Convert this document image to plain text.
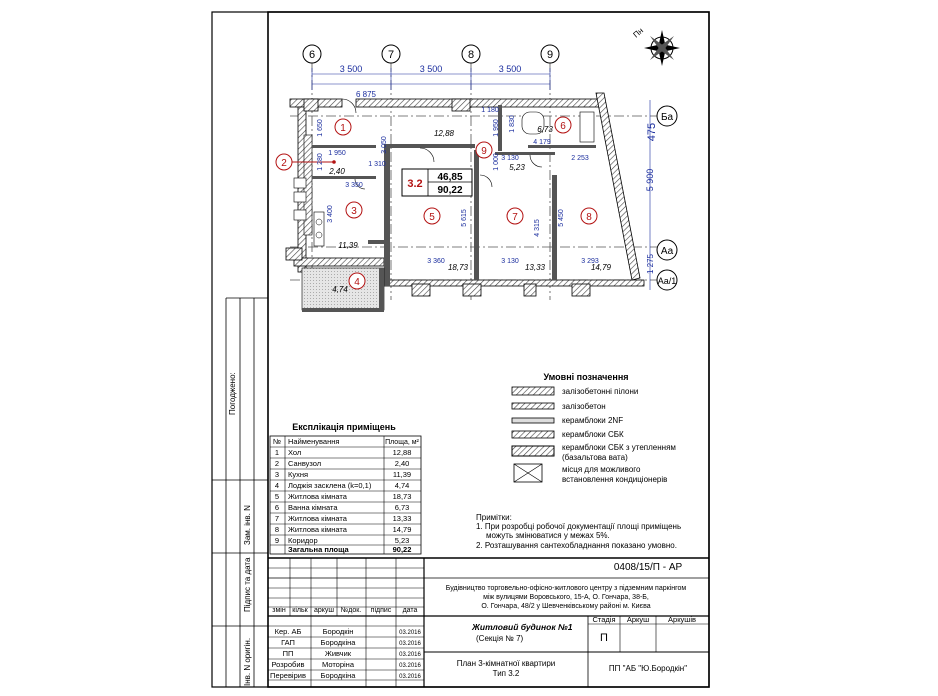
Погоджено:
Зам. інв. N
Підпис та дата
Інв. N оригін.
6	7	8	9
Ба
Аа
Аа/1
Пн
3 500	3 500	3 500
6 875
475
5 900
1 275
1 650
1 950	3 050
1 310
1 280
3 350
3 400
1 180
1 950 1 830
4 179
1 000 3 130	2 253
5 615
4 315
5 450
3 360	3 130	3 293
12,88
2,40
11,39
4,74
18,73
6,73
13,33	14,79
5,23
1
2
3
4
5
6
7	8
9
3.2
46,85
90,22
Експлікація приміщень
№ Найменування	Площа, м²
1 Хол	12,88
2 Санвузол	2,40
3 Кухня	11,39
4 Лоджія засклена (k=0,1)	4,74
5 Житлова кімната	18,73
6 Ванна кімната	6,73
7 Житлова кімната	13,33
8 Житлова кімната	14,79
9 Коридор	5,23
Загальна площа	90,22
Умовні позначення
залізобетонні пілони
залізобетон
керамблоки 2NF
керамблоки СБК
керамблоки СБК з утепленням
(базальтова вата)
місця для можливого
встановлення кондиціонерів
Примітки:
1. При розробці робочої документації площі приміщень
можуть змінюватися у межах 5%.
2. Розташування сантехобладнання показано умовно.
0408/15/П - АР
Будівництво торговельно-офісно-житлового центру з підземним паркінгом
між вулицями Воровського, 15-А, О. Гончара, 38-Б,
О. Гончара, 48/2 у Шевченківському районі м. Києва
змін кільк аркуш №док. підпис дата
Житловий будинок №1
(Секція № 7)
Стадія Аркуш	Аркушів
П
План 3-кімнатної квартири
Тип 3.2
ПП "АБ "Ю.Бородкін"
Кер. АБ	Бородкін	03.2016
ГАП	Бородкіна	03.2016
ПП	Живчик	03.2016
Розробив Моторіна	03.2016
Перевірив Бородкіна	03.2016
